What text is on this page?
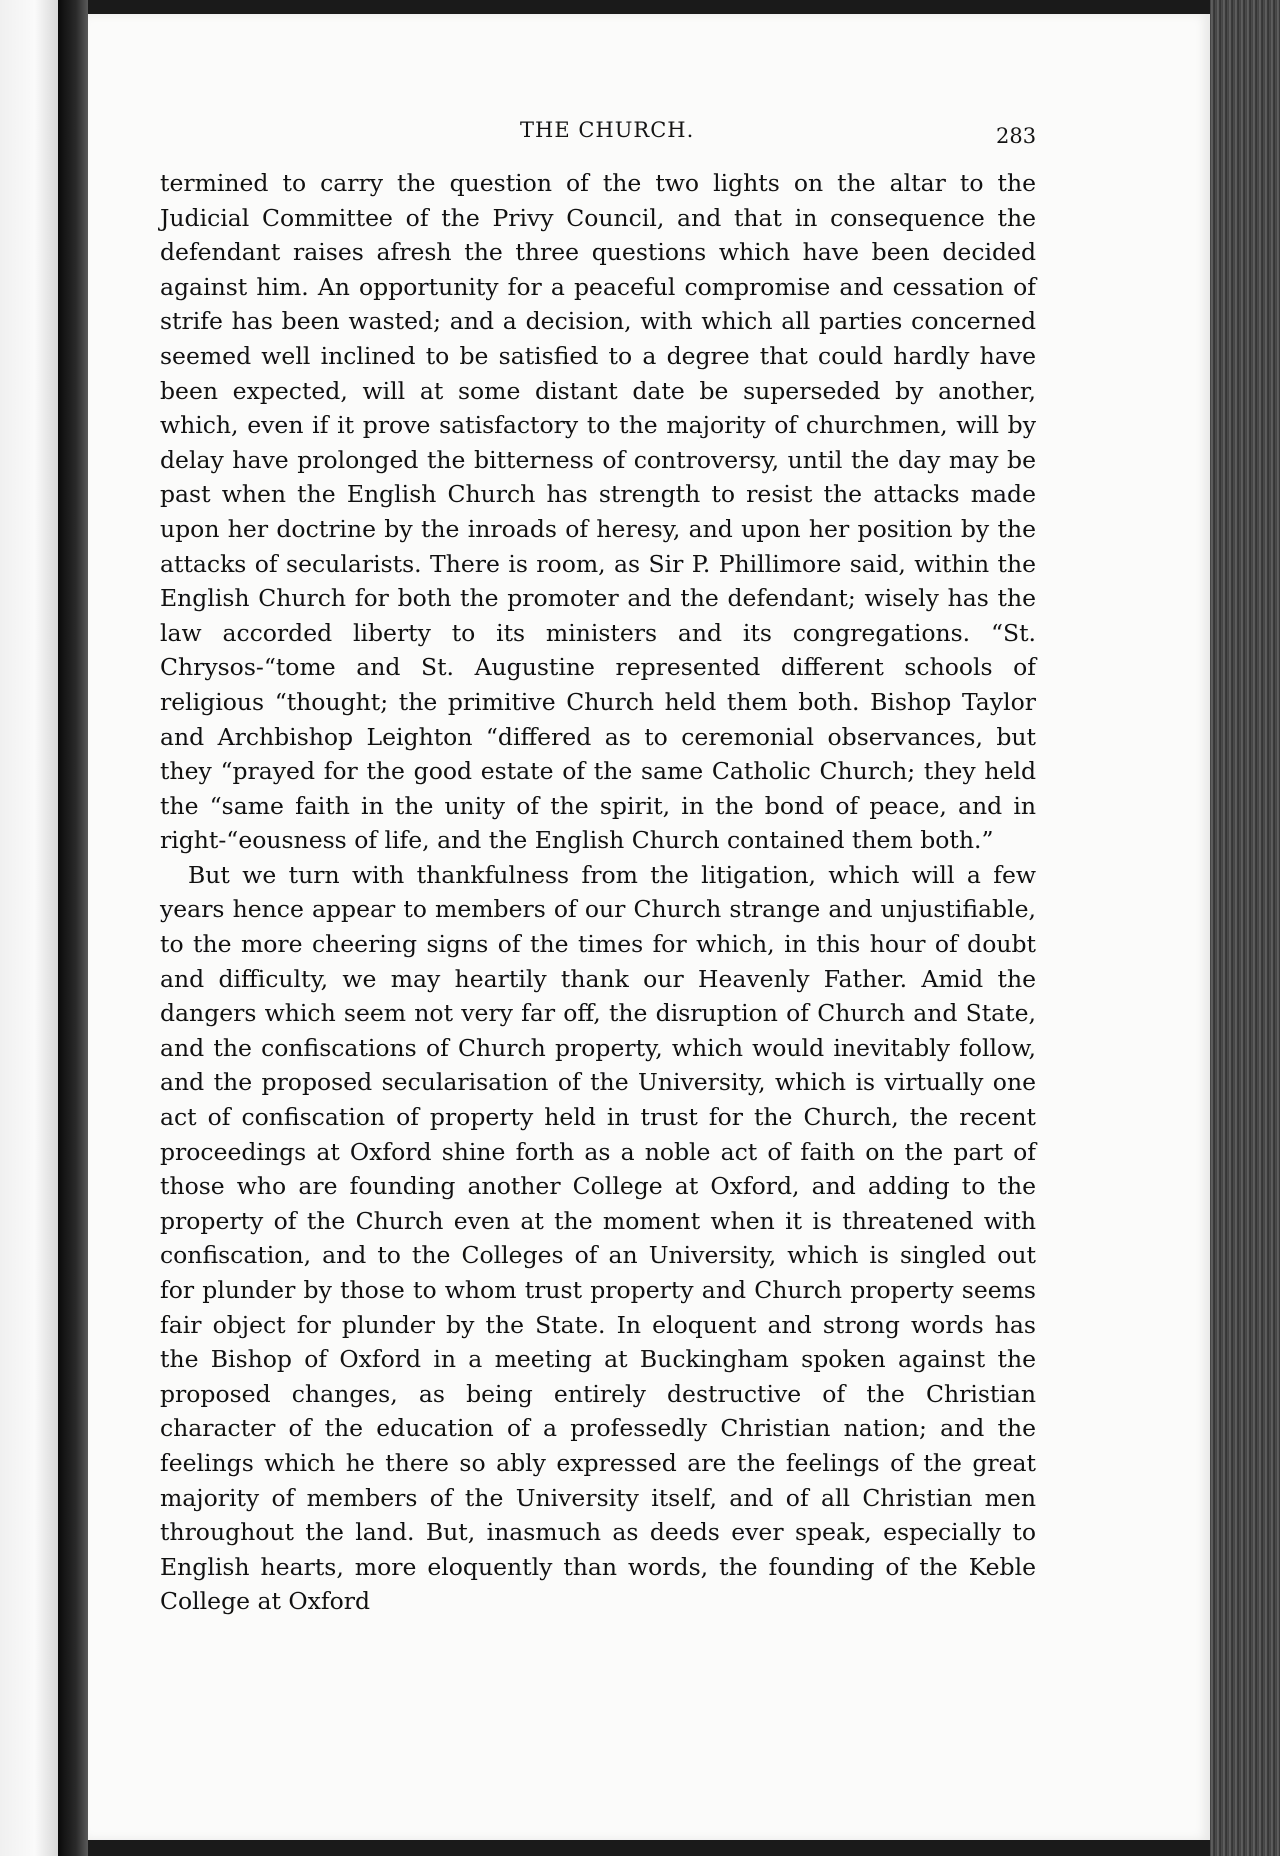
THE CHURCH.	283

termined to carry the question of the two lights on the altar to the Judicial Committee of the Privy Council, and that in consequence the defendant raises afresh the three questions which have been decided against him. An opportunity for a peaceful compromise and cessation of strife has been wasted; and a decision, with which all parties concerned seemed well inclined to be satisfied to a degree that could hardly have been expected, will at some distant date be superseded by another, which, even if it prove satisfactory to the majority of churchmen, will by delay have prolonged the bitterness of controversy, until the day may be past when the English Church has strength to resist the attacks made upon her doctrine by the inroads of heresy, and upon her position by the attacks of secularists. There is room, as Sir P. Phillimore said, within the English Church for both the promoter and the defendant; wisely has the law accorded liberty to its ministers and its congregations. “St. Chrysos-“tome and St. Augustine represented different schools of religious “thought; the primitive Church held them both. Bishop Taylor and Archbishop Leighton “differed as to ceremonial observances, but they “prayed for the good estate of the same Catholic Church; they held the “same faith in the unity of the spirit, in the bond of peace, and in right-“eousness of life, and the English Church contained them both.”

But we turn with thankfulness from the litigation, which will a few years hence appear to members of our Church strange and unjustifiable, to the more cheering signs of the times for which, in this hour of doubt and difficulty, we may heartily thank our Heavenly Father. Amid the dangers which seem not very far off, the disruption of Church and State, and the confiscations of Church property, which would inevitably follow, and the proposed secularisation of the University, which is virtually one act of confiscation of property held in trust for the Church, the recent proceedings at Oxford shine forth as a noble act of faith on the part of those who are founding another College at Oxford, and adding to the property of the Church even at the moment when it is threatened with confiscation, and to the Colleges of an University, which is singled out for plunder by those to whom trust property and Church property seems fair object for plunder by the State. In eloquent and strong words has the Bishop of Oxford in a meeting at Buckingham spoken against the proposed changes, as being entirely destructive of the Christian character of the education of a professedly Christian nation; and the feelings which he there so ably expressed are the feelings of the great majority of members of the University itself, and of all Christian men throughout the land. But, inasmuch as deeds ever speak, especially to English hearts, more eloquently than words, the founding of the Keble College at Oxford
